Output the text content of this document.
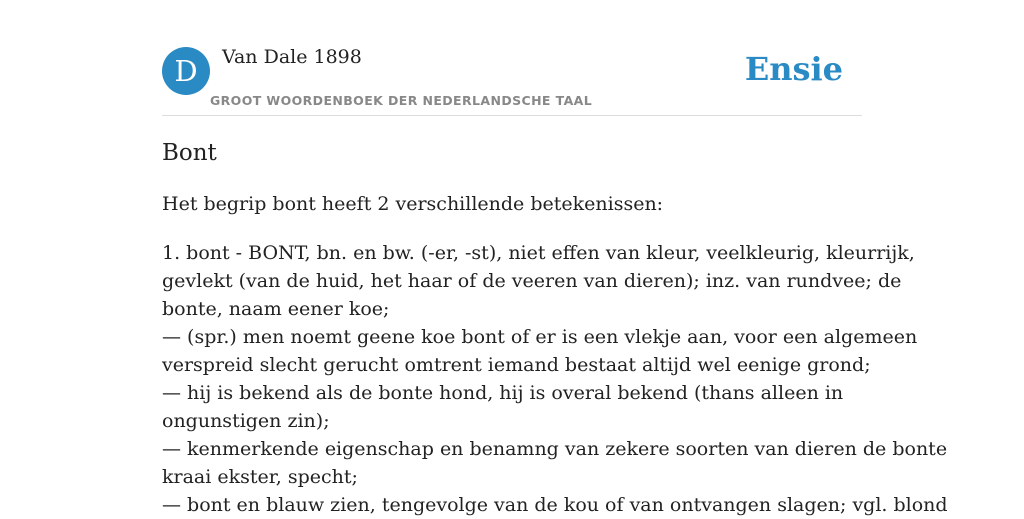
D	Van Dale 1898
GROOT WOORDENBOEK DER NEDERLANDSCHE TAAL
Ensie
Bont

Het begrip bont heeft 2 verschillende betekenissen:

1. bont - BONT, bn. en bw. (-er, -st), niet effen van kleur, veelkleurig, kleurrijk,
gevlekt (van de huid, het haar of de veeren van dieren); inz. van rundvee; de
bonte, naam eener koe;
— (spr.) men noemt geene koe bont of er is een vlekje aan, voor een algemeen
verspreid slecht gerucht omtrent iemand bestaat altijd wel eenige grond;
— hij is bekend als de bonte hond, hij is overal bekend (thans alleen in
ongunstigen zin);
— kenmerkende eigenschap en benamng van zekere soorten van dieren de bonte
kraai ekster, specht;
— bont en blauw zien, tengevolge van de kou of van ontvangen slagen; vgl. blond
